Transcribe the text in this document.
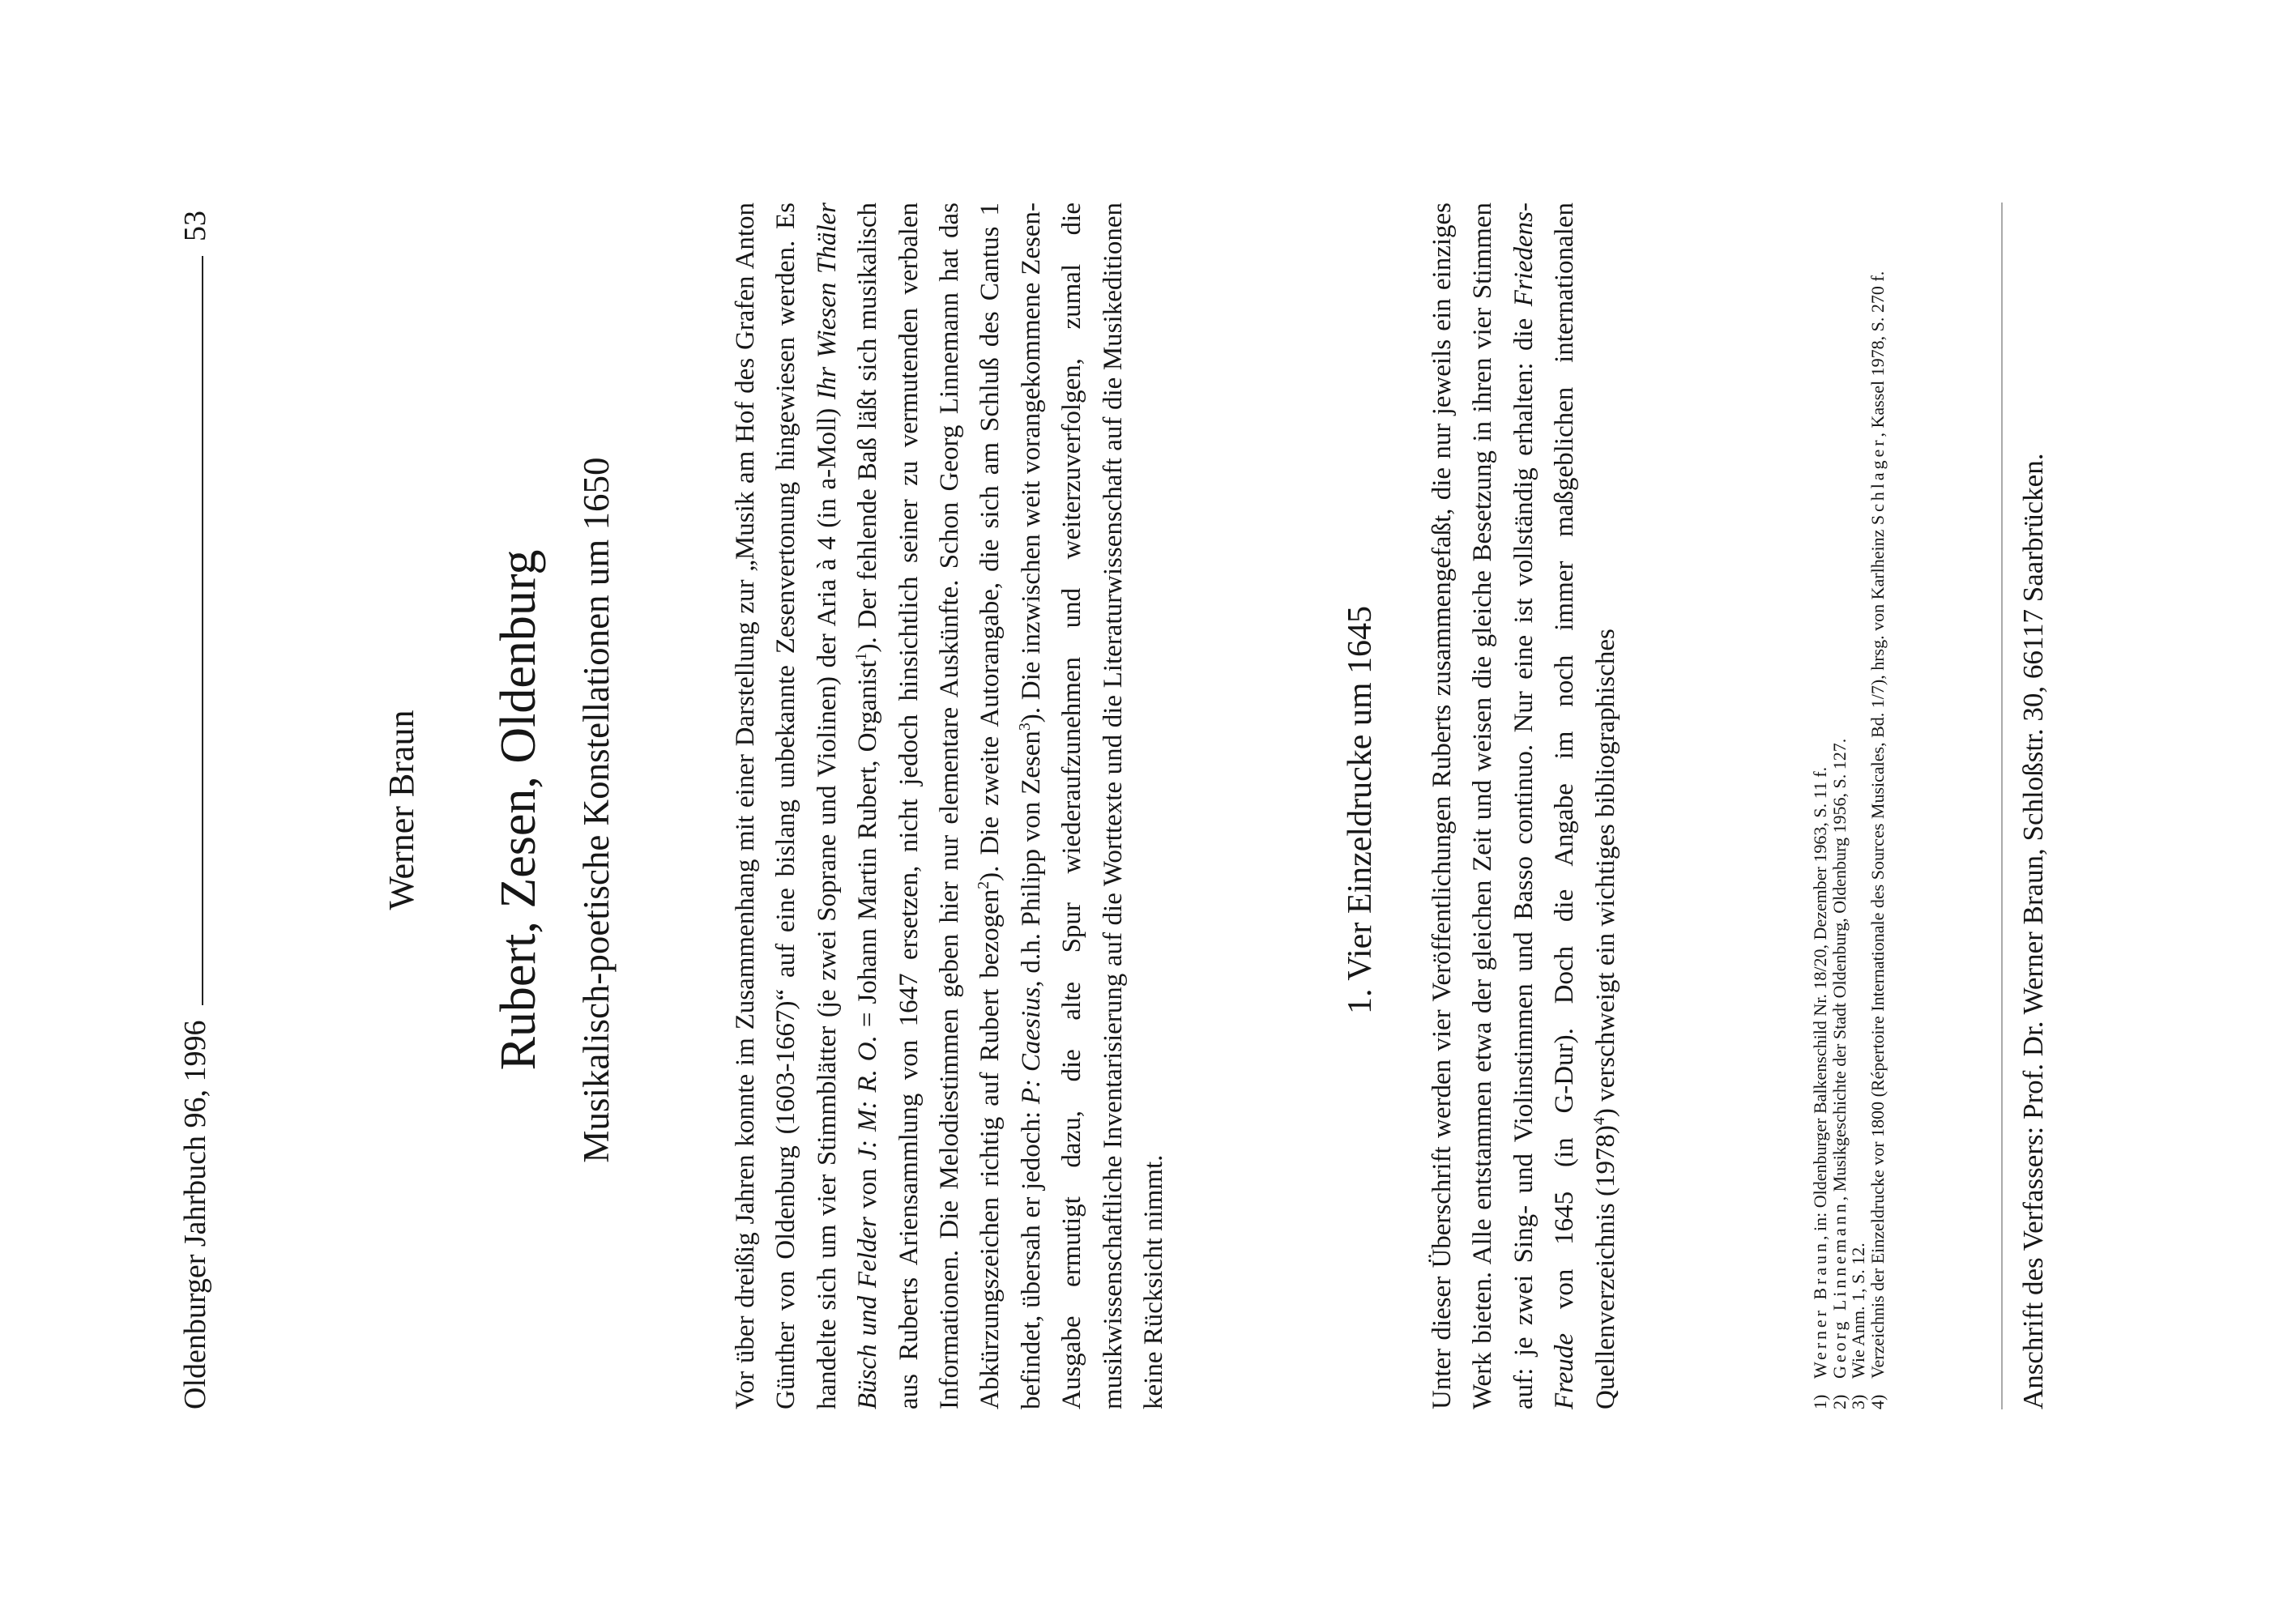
Oldenburger Jahrbuch 96, 1996
53
Werner Braun Rubert, Zesen, Oldenburg Musikalisch-poetische Konstellationen um 1650	Vor über dreißig Jahren konnte im Zusammenhang mit einer Darstellung zur „Musik am Hof des Grafen Anton Günther von Oldenburg (1603-1667)“ auf eine bislang unbekannte Zesenvertonung hingewiesen werden. Es handelte sich um vier Stimmblätter (je zwei Soprane und Violinen) der Aria à 4 (in a-Moll) Ihr Wiesen Thäler Büsch und Felder von J: M: R. O. = Johann Martin Rubert, Organist$^1$). Der fehlende Baß läßt sich musikalisch aus Ruberts Ariensammlung von 1647 ersetzen, nicht jedoch hinsichtlich seiner zu vermutenden verbalen Informationen. Die Melodiestimmen geben hier nur elementare Auskünfte. Schon Georg Linnemann hat das Abkürzungszeichen richtig auf Rubert bezogen$^2$). Die zweite Autorangabe, die sich am Schluß des Cantus 1 befindet, übersah er jedoch: P: Caesius, d.h. Philipp von Zesen$^3$). Die inzwischen weit vorangekommene Zesen-Ausgabe ermutigt dazu, die alte Spur wiederaufzunehmen und weiterzuverfolgen, zumal die musikwissenschaftliche Inventarisierung auf die Worttexte und die Literaturwissenschaft auf die Musikeditionen keine Rücksicht nimmt.

1. Vier Einzeldrucke um 1645 Unter dieser Überschrift werden vier Veröffentlichungen Ruberts zusammengefaßt, die nur jeweils ein einziges Werk bieten. Alle entstammen etwa der gleichen Zeit und weisen die gleiche Besetzung in ihren vier Stimmen auf: je zwei Sing- und Violinstimmen und Basso continuo. Nur eine ist vollständig erhalten: die Friedens-Freude von 1645 (in G-Dur). Doch die Angabe im noch immer maßgeblichen internationalen Quellenverzeichnis $(1978)^4$) verschweigt ein wichtiges bibliographisches

1)
Werner Braun, in: Oldenburger Balkenschild Nr. 18/20, Dezember 1963, S. 11 f.
2)
Georg Linnemann, Musikgeschichte der Stadt Oldenburg, Oldenburg 1956, S. 127.
3)
Wie Anm. 1, S. 12.
4)
Verzeichnis der Einzeldrucke vor 1800 (Répertoire Internationale des Sources Musicales, Bd. 1/7), hrsg. von Karlheinz Schlager, Kassel 1978, S. 270 f.
Anschrift des Verfassers: Prof. Dr. Werner Braun, Schloßstr. 30, 66117 Saarbrücken.
